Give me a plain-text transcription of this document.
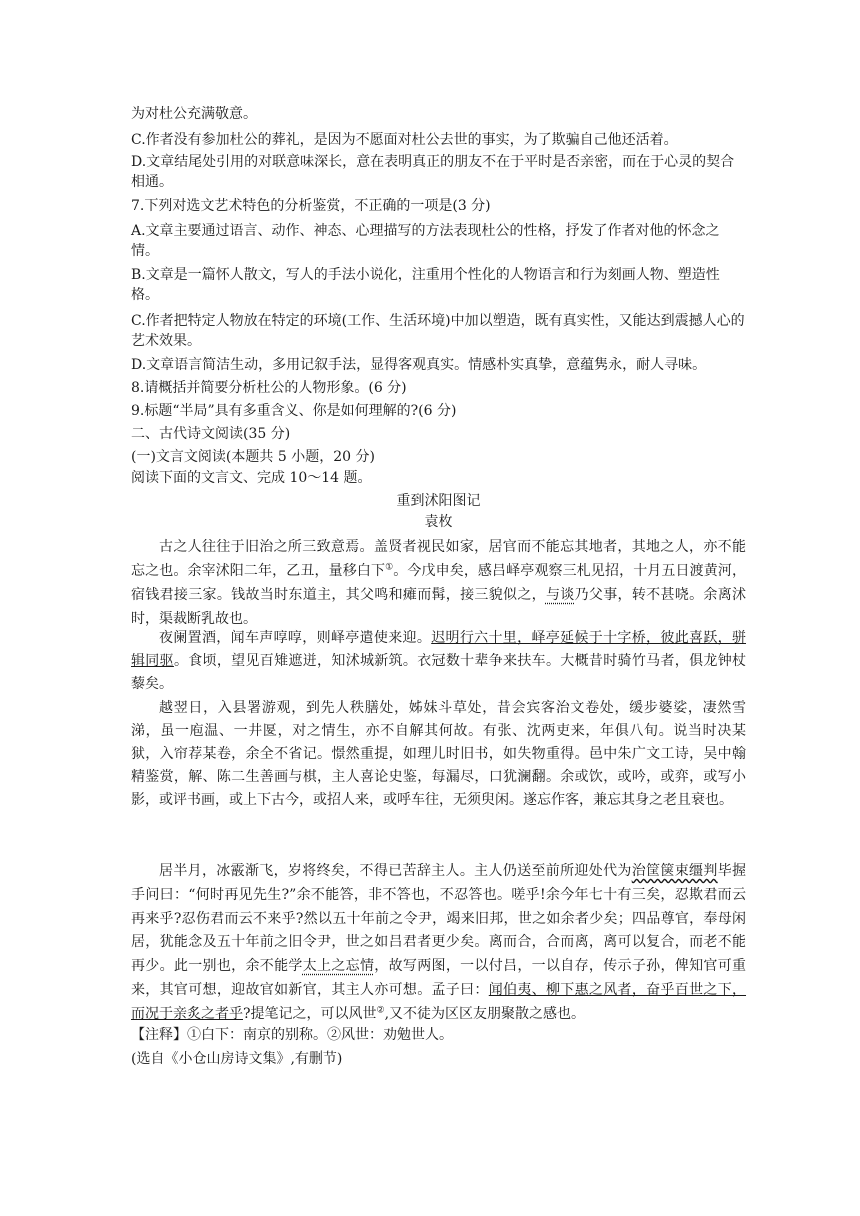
为对杜公充满敬意。
C.作者没有参加杜公的葬礼，是因为不愿面对杜公去世的事实，为了欺骗自己他还活着。
D.文章结尾处引用的对联意味深长，意在表明真正的朋友不在于平时是否亲密，而在于心灵的契合相通。
7.下列对选文艺术特色的分析鉴赏，不正确的一项是(3 分)
A.文章主要通过语言、动作、神态、心理描写的方法表现杜公的性格，抒发了作者对他的怀念之情。
B.文章是一篇怀人散文，写人的手法小说化，注重用个性化的人物语言和行为刻画人物、塑造性格。
C.作者把特定人物放在特定的环境(工作、生活环境)中加以塑造，既有真实性，又能达到震撼人心的艺术效果。
D.文章语言简洁生动，多用记叙手法，显得客观真实。情感朴实真挚，意蕴隽永，耐人寻味。
8.请概括并简要分析杜公的人物形象。(6 分)
9.标题“半局”具有多重含义、你是如何理解的?(6 分)
二、古代诗文阅读(35 分)
(一)文言文阅读(本题共 5 小题，20 分)
阅读下面的文言文、完成 10～14 题。
重到沭阳图记
袁枚
古之人往往于旧治之所三致意焉。盖贤者视民如家，居官而不能忘其地者，其地之人，亦不能忘之也。余宰沭阳二年，乙丑，量移白下①。今戊申矣，感吕峄亭观察三札见招，十月五日渡黄河，宿钱君接三家。钱故当时东道主，其父鸣和瘫而髯，接三貌似之，与谈乃父事，转不甚哓。余离沭时，渠裁断乳故也。
夜阑置酒，闻车声啍啍，则峄亭遣使来迎。迟明行六十里，峄亭延候于十字桥，彼此喜跃，骈辑同驱。食顷，望见百雉遮迸，知沭城新筑。衣冠数十辈争来扶车。大概昔时骑竹马者，俱龙钟杖藜矣。
越翌日，入县署游观，到先人秩膳处，姊妹斗草处，昔会宾客治文卷处，缓步婆娑，凄然雪涕，虽一庖温、一井匽，对之情生，亦不自解其何故。有张、沈两吏来，年俱八旬。说当时决某狱，入帘荐某卷，余全不省记。憬然重提，如理儿时旧书，如失物重得。邑中朱广文工诗，吴中翰精鉴赏，解、陈二生善画与棋，主人喜论史鉴，每漏尽，口犹澜翻。余或饮，或吟，或弈，或写小影，或评书画，或上下古今，或招人来，或呼车往，无须臾闲。遂忘作客，兼忘其身之老且衰也。
居半月，冰霰渐飞，岁将终矣，不得已苦辞主人。主人仍送至前所迎处代为治筐箧束缰判毕握手问曰：“何时再见先生?”余不能答，非不答也，不忍答也。嗟乎!余今年七十有三矣，忍欺君而云再来乎?忍伤君而云不来乎?然以五十年前之令尹，竭来旧邦，世之如余者少矣；四品尊官，奉母闲居，犹能念及五十年前之旧令尹，世之如吕君者更少矣。离而合，合而离，离可以复合，而老不能再少。此一别也，余不能学太上之忘情，故写两图，一以付吕，一以自存，传示子孙，俾知官可重来，其官可想，迎故官如新官，其主人亦可想。孟子曰：闻伯夷、柳下惠之风者，奋乎百世之下，而况于亲炙之者乎?提笔记之，可以风世②,又不徒为区区友朋聚散之感也。
【注释】①白下：南京的别称。②风世：劝勉世人。
(选自《小仓山房诗文集》,有删节)
